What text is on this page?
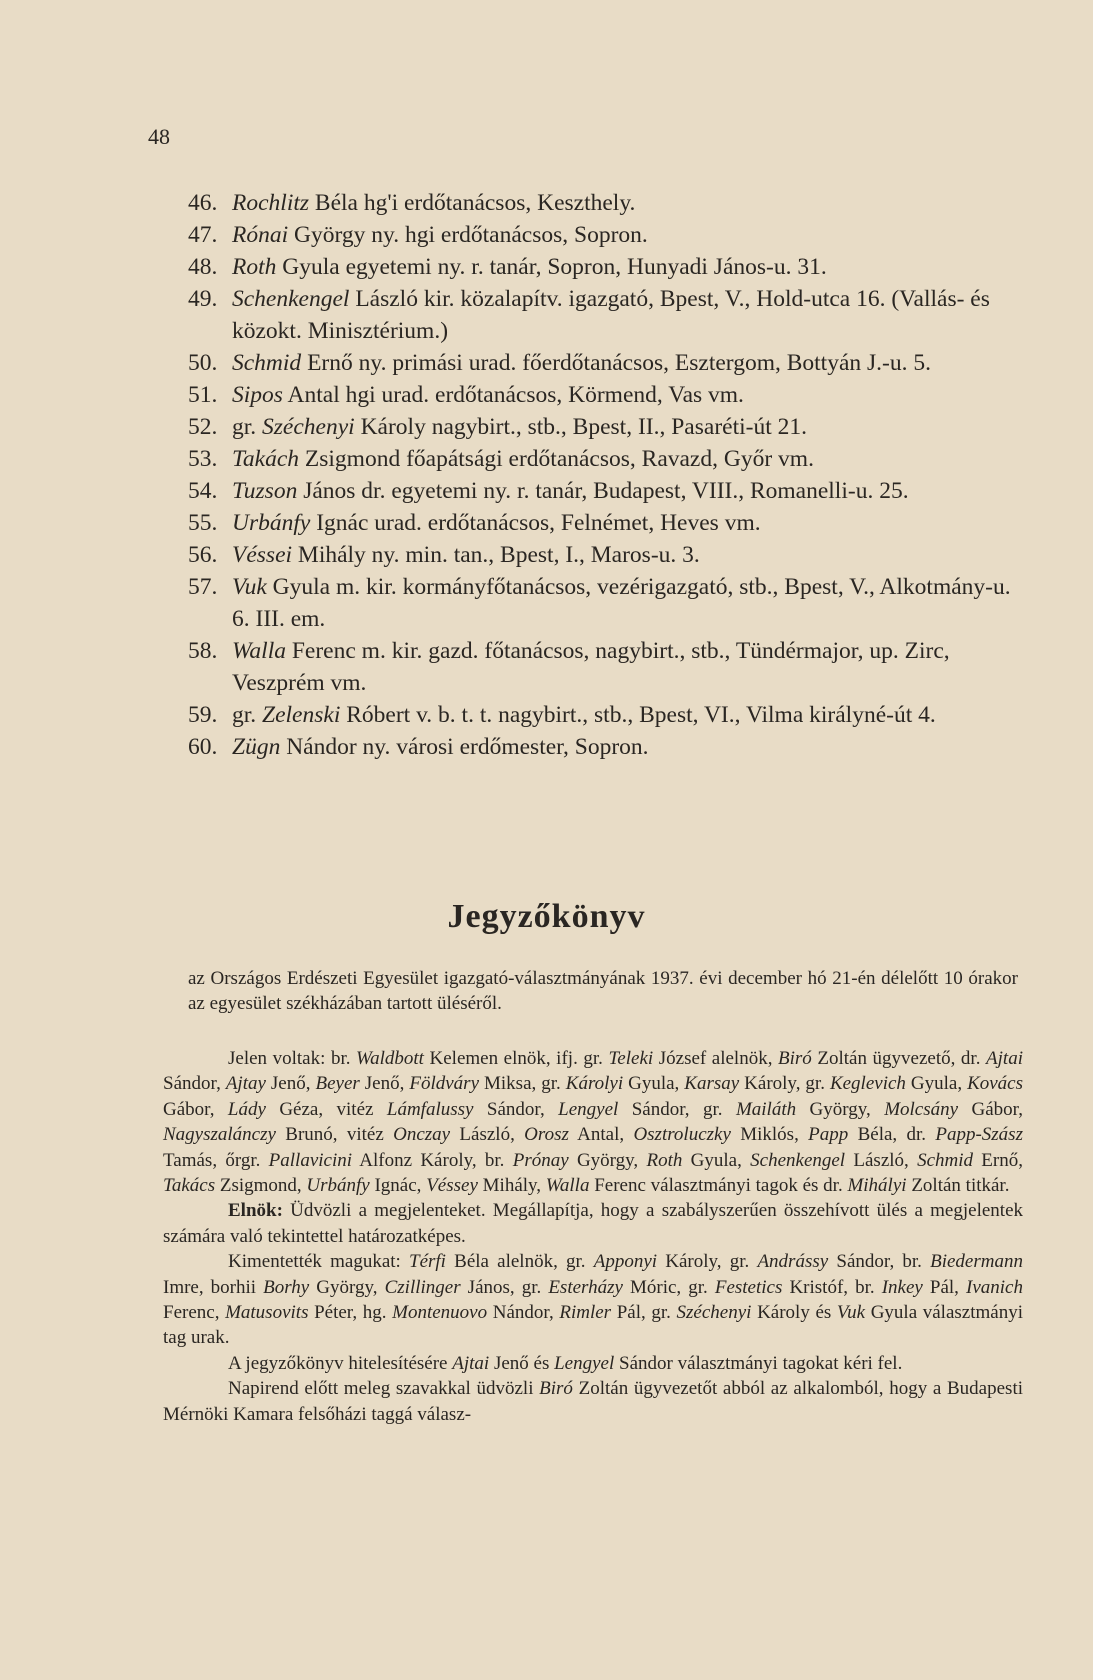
48
46. Rochlitz Béla hg'i erdőtanácsos, Keszthely.
47. Rónai György ny. hgi erdőtanácsos, Sopron.
48. Roth Gyula egyetemi ny. r. tanár, Sopron, Hunyadi János-u. 31.
49. Schenkengel László kir. közalapítv. igazgató, Bpest, V., Hold-utca 16. (Vallás- és közokt. Minisztérium.)
50. Schmid Ernő ny. primási urad. főerdőtanácsos, Esztergom, Bottyán J.-u. 5.
51. Sipos Antal hgi urad. erdőtanácsos, Körmend, Vas vm.
52. gr. Széchenyi Károly nagybirt., stb., Bpest, II., Pasaréti-út 21.
53. Takách Zsigmond főapátsági erdőtanácsos, Ravazd, Győr vm.
54. Tuzson János dr. egyetemi ny. r. tanár, Budapest, VIII., Romanelli-u. 25.
55. Urbánfy Ignác urad. erdőtanácsos, Felnémet, Heves vm.
56. Véssei Mihály ny. min. tan., Bpest, I., Maros-u. 3.
57. Vuk Gyula m. kir. kormányfőtanácsos, vezérigazgató, stb., Bpest, V., Alkotmány-u. 6. III. em.
58. Walla Ferenc m. kir. gazd. főtanácsos, nagybirt., stb., Tündérmajor, up. Zirc, Veszprém vm.
59. gr. Zelenski Róbert v. b. t. t. nagybirt., stb., Bpest, VI., Vilma királyné-út 4.
60. Zügn Nándor ny. városi erdőmester, Sopron.
Jegyzőkönyv
az Országos Erdészeti Egyesület igazgató-választmányának 1937. évi december hó 21-én délelőtt 10 órakor az egyesület székházában tartott üléséről.

Jelen voltak: br. Waldbott Kelemen elnök, ifj. gr. Teleki József alelnök, Biró Zoltán ügyvezető, dr. Ajtai Sándor, Ajtay Jenő, Beyer Jenő, Földváry Miksa, gr. Károlyi Gyula, Karsay Károly, gr. Keglevich Gyula, Kovács Gábor, Lády Géza, vitéz Lámfalussy Sándor, Lengyel Sándor, gr. Mailáth György, Molcsány Gábor, Nagyszalánczy Brunó, vitéz Onczay László, Orosz Antal, Osztroluczky Miklós, Papp Béla, dr. Papp-Szász Tamás, őrgr. Pallavicini Alfonz Károly, br. Prónay György, Roth Gyula, Schenkengel László, Schmid Ernő, Takács Zsigmond, Urbánfy Ignác, Véssey Mihály, Walla Ferenc választmányi tagok és dr. Mihályi Zoltán titkár.

Elnök: Üdvözli a megjelenteket. Megállapítja, hogy a szabályszerűen összehívott ülés a megjelentek számára való tekintettel határozatképes.

Kimentették magukat: Térfi Béla alelnök, gr. Apponyi Károly, gr. Andrássy Sándor, br. Biedermann Imre, borhii Borhy György, Czillinger János, gr. Esterházy Móric, gr. Festetics Kristóf, br. Inkey Pál, Ivanich Ferenc, Matusovits Péter, hg. Montenuovo Nándor, Rimler Pál, gr. Széchenyi Károly és Vuk Gyula választmányi tag urak.

A jegyzőkönyv hitelesítésére Ajtai Jenő és Lengyel Sándor választmányi tagokat kéri fel.

Napirend előtt meleg szavakkal üdvözli Biró Zoltán ügyvezetőt abból az alkalomból, hogy a Budapesti Mérnöki Kamara felsőházi taggá válasz-
